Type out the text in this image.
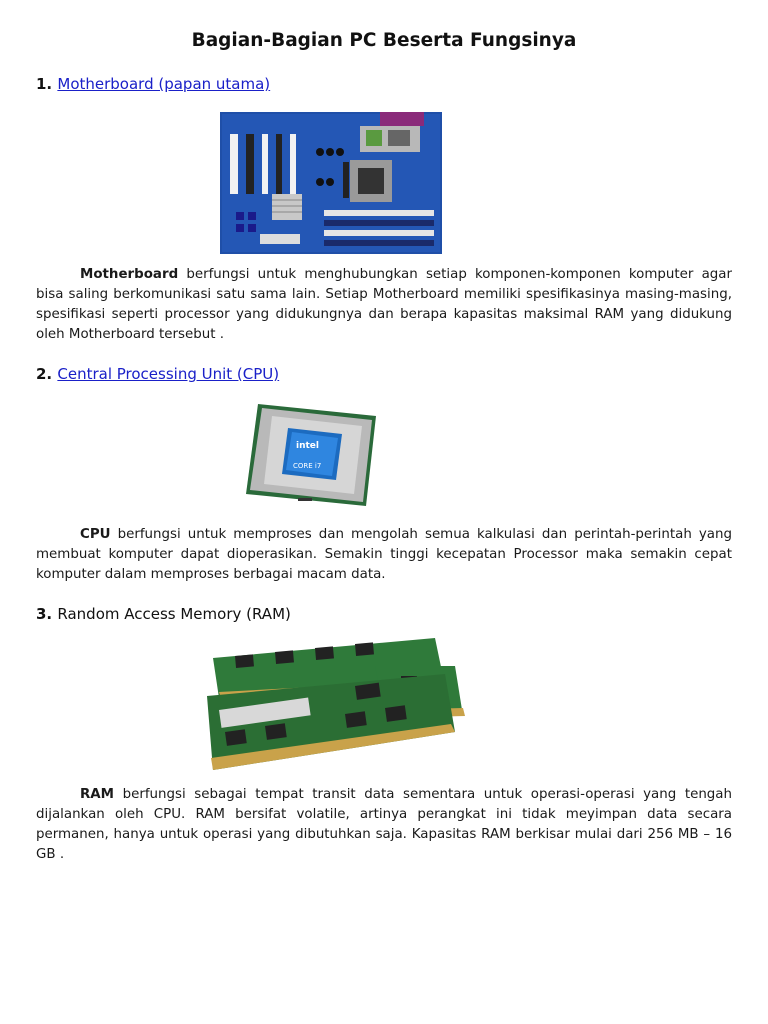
Bagian-Bagian PC Beserta Fungsinya
1. Motherboard (papan utama)
Motherboard berfungsi untuk menghubungkan setiap komponen-komponen komputer agar bisa saling berkomunikasi satu sama lain. Setiap Motherboard memiliki spesifikasinya masing-masing, spesifikasi seperti processor yang didukungnya dan berapa kapasitas maksimal RAM yang didukung oleh Motherboard tersebut .
2. Central Processing Unit (CPU)
intel
CORE i7
CPU berfungsi untuk memproses dan mengolah semua kalkulasi dan perintah-perintah yang membuat komputer dapat dioperasikan. Semakin tinggi kecepatan Processor maka semakin cepat komputer dalam memproses berbagai macam data.
3. Random Access Memory (RAM)
RAM berfungsi sebagai tempat transit data sementara untuk operasi-operasi yang tengah dijalankan oleh CPU. RAM bersifat volatile, artinya perangkat ini tidak meyimpan data secara permanen, hanya untuk operasi yang dibutuhkan saja. Kapasitas RAM berkisar mulai dari 256 MB – 16 GB .
